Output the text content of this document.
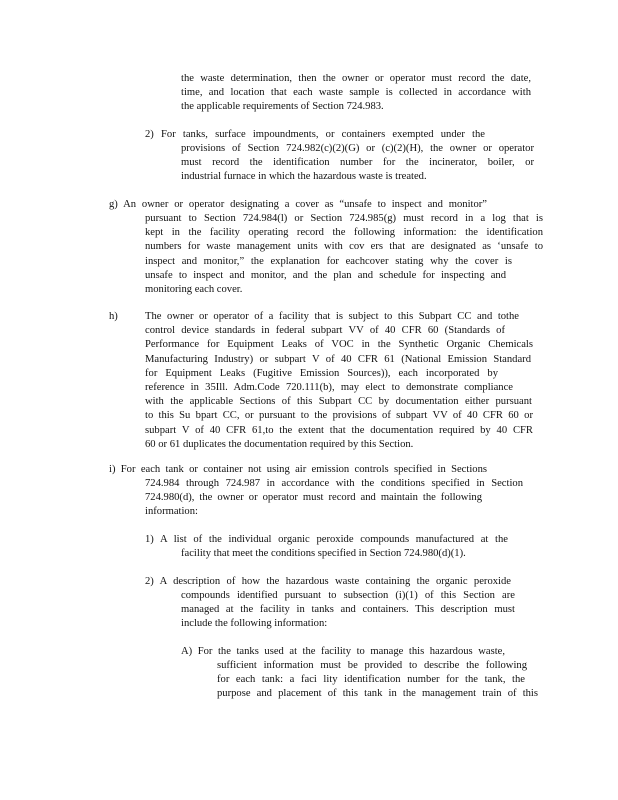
the waste determination, then the owner or operator must record the date,
time, and location that each waste sample is collected in accordance with
the applicable requirements of Section 724.983.
2) For tanks, surface impoundments, or containers exempted under the
provisions of Section 724.982(c)(2)(G) or (c)(2)(H), the owner or operator
must record the identification number for the incinerator, boiler, or
industrial furnace in which the hazardous waste is treated.
g) An owner or operator designating a cover as “unsafe to inspect and monitor”
pursuant to Section 724.984(l) or Section 724.985(g) must record in a log that is
kept in the facility operating record the following information: the identification
numbers for waste management units with cov ers that are designated as ‘unsafe to
inspect and monitor,” the explanation for eachcover stating why the cover is
unsafe to inspect and monitor, and the plan and schedule for inspecting and
monitoring each cover.
h)	The owner or operator of a facility that is subject to this Subpart CC and tothe
control device standards in federal subpart VV of 40 CFR 60 (Standards of
Performance for Equipment Leaks of VOC in the Synthetic Organic Chemicals
Manufacturing Industry) or subpart V of 40 CFR 61 (National Emission Standard
for Equipment Leaks (Fugitive Emission Sources)), each incorporated by
reference in 35Ill. Adm.Code 720.111(b), may elect to demonstrate compliance
with the applicable Sections of this Subpart CC by documentation either pursuant
to this Su bpart CC, or pursuant to the provisions of subpart VV of 40 CFR 60 or
subpart V of 40 CFR 61,to the extent that the documentation required by 40 CFR
60 or 61 duplicates the documentation required by this Section.
i) For each tank or container not using air emission controls specified in Sections
724.984 through 724.987 in accordance with the conditions specified in Section
724.980(d), the owner or operator must record and maintain the following
information:
1) A list of the individual organic peroxide compounds manufactured at the
facility that meet the conditions specified in Section 724.980(d)(1).
2) A description of how the hazardous waste containing the organic peroxide
compounds identified pursuant to subsection (i)(1) of this Section are
managed at the facility in tanks and containers. This description must
include the following information:
A) For the tanks used at the facility to manage this hazardous waste,
sufficient information must be provided to describe the following
for each tank: a faci lity identification number for the tank, the
purpose and placement of this tank in the management train of this
